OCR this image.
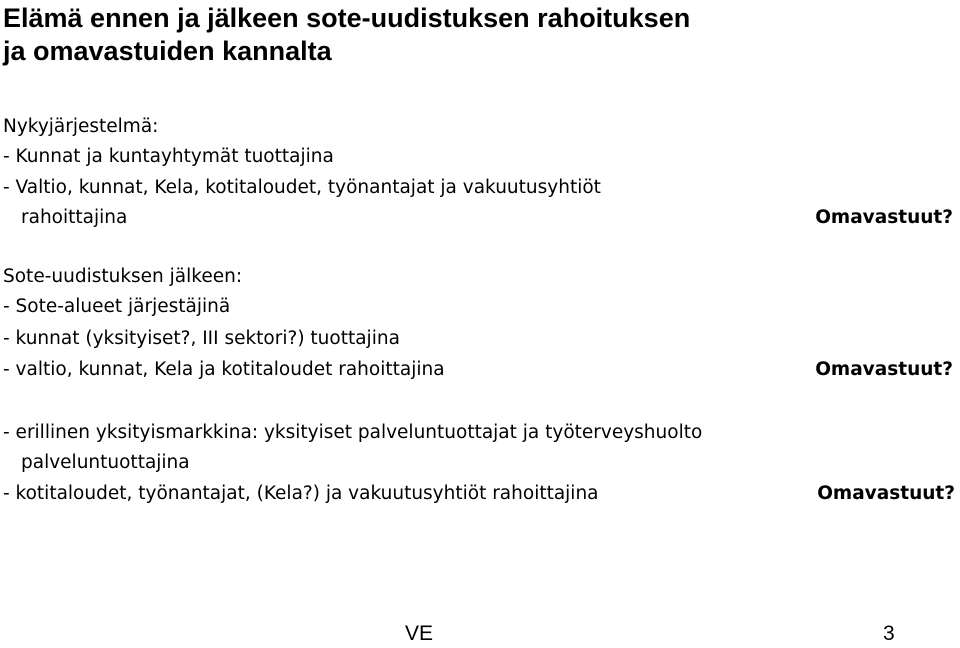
Elämä ennen ja jälkeen sote-uudistuksen rahoituksen
ja omavastuiden kannalta
Nykyjärjestelmä:
- Kunnat ja kuntayhtymät tuottajina
- Valtio, kunnat, Kela, kotitaloudet, työnantajat ja vakuutusyhtiöt
rahoittajina	Omavastuut?
Sote-uudistuksen jälkeen:
- Sote-alueet järjestäjinä
- kunnat (yksityiset?, III sektori?) tuottajina
- valtio, kunnat, Kela ja kotitaloudet rahoittajina	Omavastuut?
- erillinen yksityismarkkina: yksityiset palveluntuottajat ja työterveyshuolto
palveluntuottajina
- kotitaloudet, työnantajat, (Kela?) ja vakuutusyhtiöt rahoittajina	Omavastuut?
VE	3
